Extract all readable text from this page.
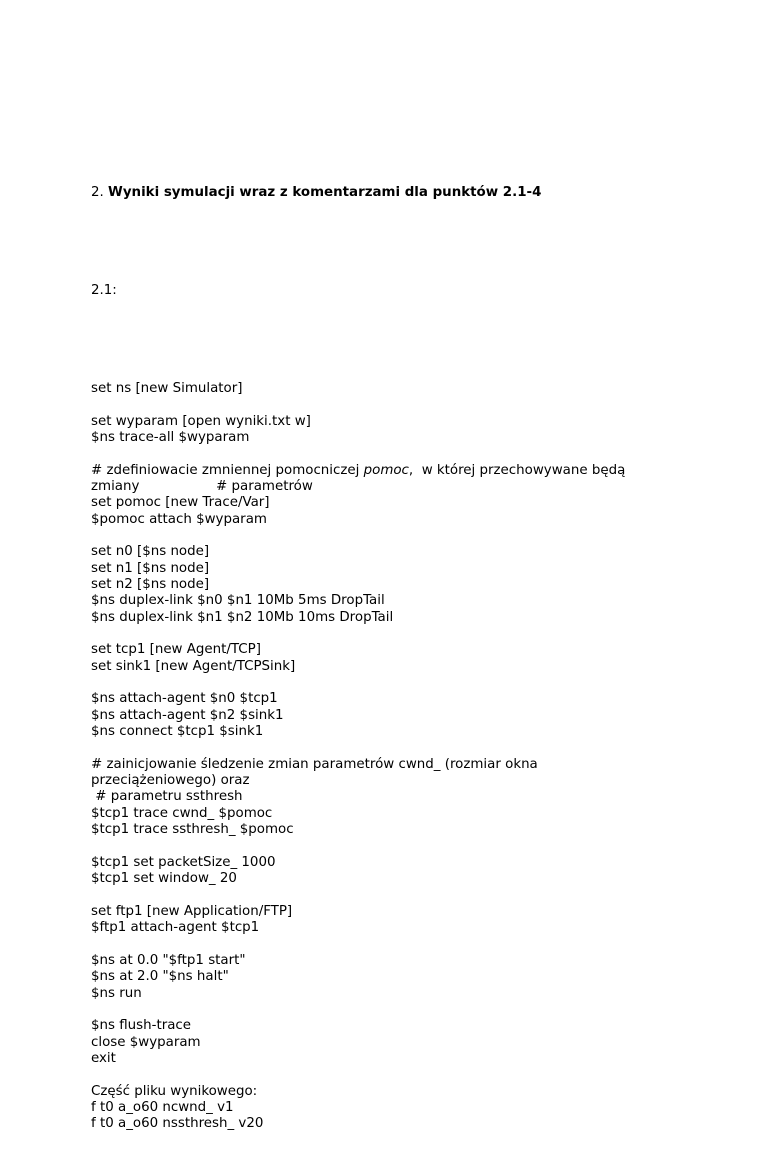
2. Wyniki symulacji wraz z komentarzami dla punktów 2.1-4

2.1:

set ns [new Simulator]
set wyparam [open wyniki.txt w]
$ns trace-all $wyparam
# zdefiniowacie zmniennej pomocniczej pomoc,  w której przechowywane będą
zmiany                  # parametrów
set pomoc [new Trace/Var]
$pomoc attach $wyparam
set n0 [$ns node]
set n1 [$ns node]
set n2 [$ns node]
$ns duplex-link $n0 $n1 10Mb 5ms DropTail
$ns duplex-link $n1 $n2 10Mb 10ms DropTail
set tcp1 [new Agent/TCP]
set sink1 [new Agent/TCPSink]
$ns attach-agent $n0 $tcp1
$ns attach-agent $n2 $sink1
$ns connect $tcp1 $sink1
# zainicjowanie śledzenie zmian parametrów cwnd_ (rozmiar okna
przeciążeniowego) oraz
# parametru ssthresh
$tcp1 trace cwnd_ $pomoc
$tcp1 trace ssthresh_ $pomoc
$tcp1 set packetSize_ 1000
$tcp1 set window_ 20
set ftp1 [new Application/FTP]
$ftp1 attach-agent $tcp1
$ns at 0.0 "$ftp1 start"
$ns at 2.0 "$ns halt"
$ns run
$ns flush-trace
close $wyparam
exit
Część pliku wynikowego:
f t0 a_o60 ncwnd_ v1
f t0 a_o60 nssthresh_ v20
